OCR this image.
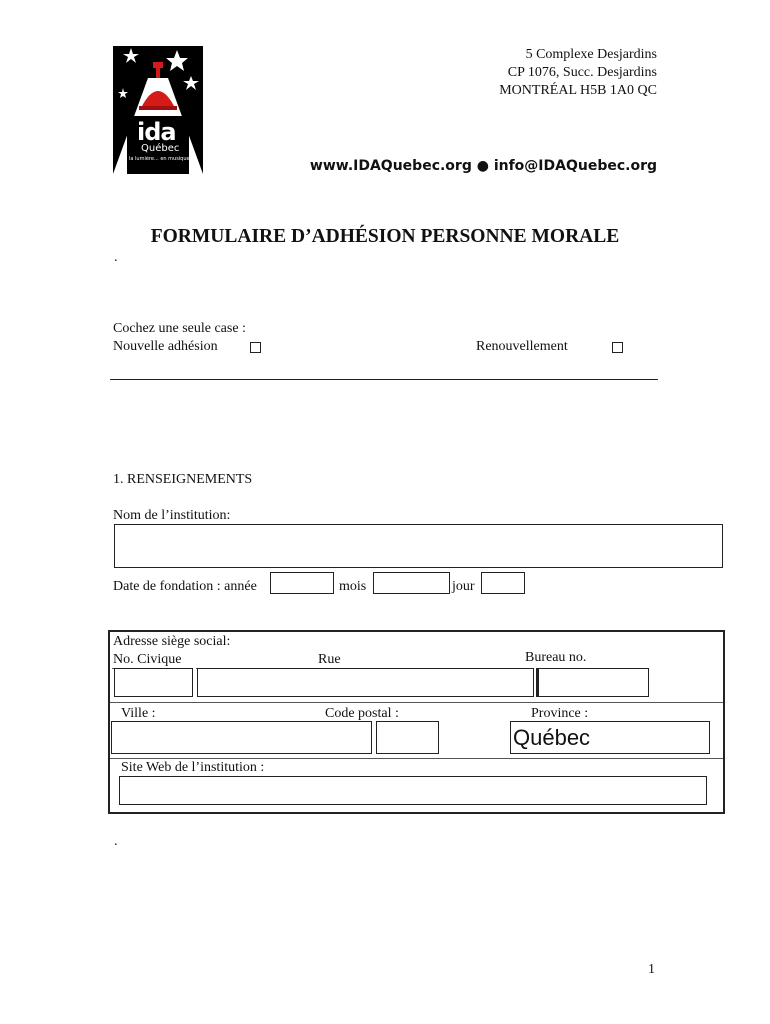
ida
Québec
la lumière... en musique
5 Complexe Desjardins
CP 1076, Succ. Desjardins
MONTRÉAL H5B 1A0 QC
www.IDAQuebec.org ● info@IDAQuebec.org
FORMULAIRE D’ADHÉSION PERSONNE MORALE
.
Cochez une seule case :
Nouvelle adhésion	Renouvellement
1. RENSEIGNEMENTS
Nom de l’institution:
Date de fondation : année	mois	jour
Adresse siège social:
No. Civique	Rue	Bureau no.
Ville :	Code postal :	Province :
Québec
Site Web de l’institution :
.
1
